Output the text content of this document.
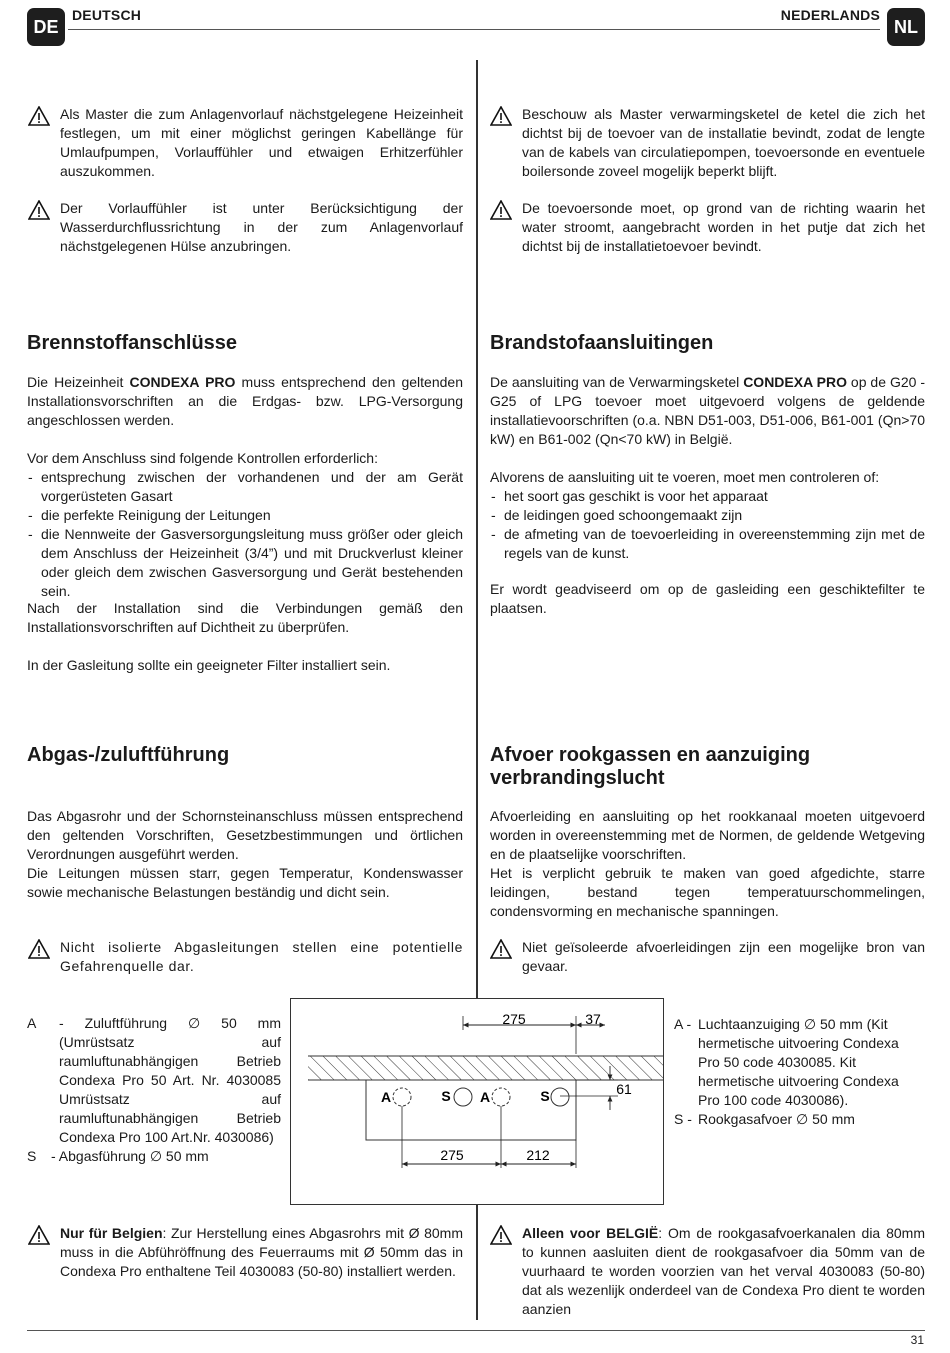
DE
DEUTSCH	NEDERLANDS
NL
Als Master die zum Anlagenvorlauf nächstgelegene Heizeinheit festlegen, um mit einer möglichst geringen Kabellänge für Umlaufpumpen, Vorlauffühler und etwaigen Erhitzerfühler auszukommen.
Der Vorlauffühler ist unter Berücksichtigung der Wasserdurchflussrichtung in der zum Anlagenvorlauf nächstgelegenen Hülse anzubringen.
Brennstoffanschlüsse

Die Heizeinheit CONDEXA PRO muss entsprechend den geltenden Installationsvorschriften an die Erdgas- bzw. LPG-Versorgung angeschlossen werden.

Vor dem Anschluss sind folgende Kontrollen erforderlich:
- entsprechung zwischen der vorhandenen und der am Gerät vorgerüsteten Gasart
- die perfekte Reinigung der Leitungen
- die Nennweite der Gasversorgungsleitung muss größer oder gleich dem Anschluss der Heizeinheit (3/4”) und mit Druckverlust kleiner oder gleich dem zwischen Gasversorgung und Gerät bestehenden sein.

Nach der Installation sind die Verbindungen gemäß den Installationsvorschriften auf Dichtheit zu überprüfen.

In der Gasleitung sollte ein geeigneter Filter installiert sein.

Abgas-/zuluftführung
Das Abgasrohr und der Schornsteinanschluss müssen entsprechend den geltenden Vorschriften, Gesetzbestimmungen und örtlichen Verordnungen ausgeführt werden.
Die Leitungen müssen starr, gegen Temperatur, Kondenswasser sowie mechanische Belastungen beständig und dicht sein.
Nicht isolierte Abgasleitungen stellen eine potentielle Gefahrenquelle dar.
A	- Zuluftführung ∅ 50 mm (Umrüstsatz auf raumluftunabhängigen Betrieb Condexa Pro 50 Art. Nr. 4030085 Umrüstsatz auf raumluftunabhängigen Betrieb Condexa Pro 100 Art.Nr. 4030086)
S	- Abgasführung ∅ 50 mm
Nur für Belgien: Zur Herstellung eines Abgasrohrs mit Ø 80mm muss in die Abführöffnung des Feuerraums mit Ø 50mm das in Condexa Pro enthaltene Teil 4030083 (50-80) installiert werden.
Beschouw als Master verwarmingsketel de ketel die zich het dichtst bij de toevoer van de installatie bevindt, zodat de lengte van de kabels van circulatiepompen, toevoersonde en eventuele boilersonde zoveel mogelijk beperkt blijft.
De toevoersonde moet, op grond van de richting waarin het water stroomt, aangebracht worden in het putje dat zich het dichtst bij de installatietoevoer bevindt.
Brandstofaansluitingen

De aansluiting van de Verwarmingsketel CONDEXA PRO op de G20 - G25 of LPG toevoer moet uitgevoerd volgens de geldende installatievoorschriften (o.a. NBN D51-003, D51-006, B61-001 (Qn>70 kW) en B61-002 (Qn<70 kW) in België.

Alvorens de aansluiting uit te voeren, moet men controleren of:
- het soort gas geschikt is voor het apparaat
- de leidingen goed schoongemaakt zijn
- de afmeting van de toevoerleiding in overeenstemming zijn met de regels van de kunst.

Er wordt geadviseerd om op de gasleiding een geschiktefilter te plaatsen.

Afvoer rookgassen en aanzuiging verbrandingslucht
Afvoerleiding en aansluiting op het rookkanaal moeten uitgevoerd worden in overeenstemming met de Normen, de geldende Wetgeving en de plaatselijke voorschriften.
Het is verplicht gebruik te maken van goed afgedichte, starre leidingen, bestand tegen temperatuurschommelingen, condensvorming en mechanische spanningen.
Niet geïsoleerde afvoerleidingen zijn een mogelijke bron van gevaar.
A - Luchtaanzuiging ∅ 50 mm (Kit hermetische uitvoering Condexa Pro 50 code 4030085. Kit hermetische uitvoering Condexa Pro 100 code 4030086).
S - Rookgasafvoer ∅ 50 mm
Alleen voor BELGIË: Om de rookgasafvoerkanalen dia 80mm to kunnen aasluiten dient de rookgasafvoer dia 50mm van de vuurhaard te worden voorzien van het verval 4030083 (50-80) dat als wezenlijk onderdeel van de Condexa Pro dient te worden aanzien
275	37
61
A	S A	S
275	212
31
